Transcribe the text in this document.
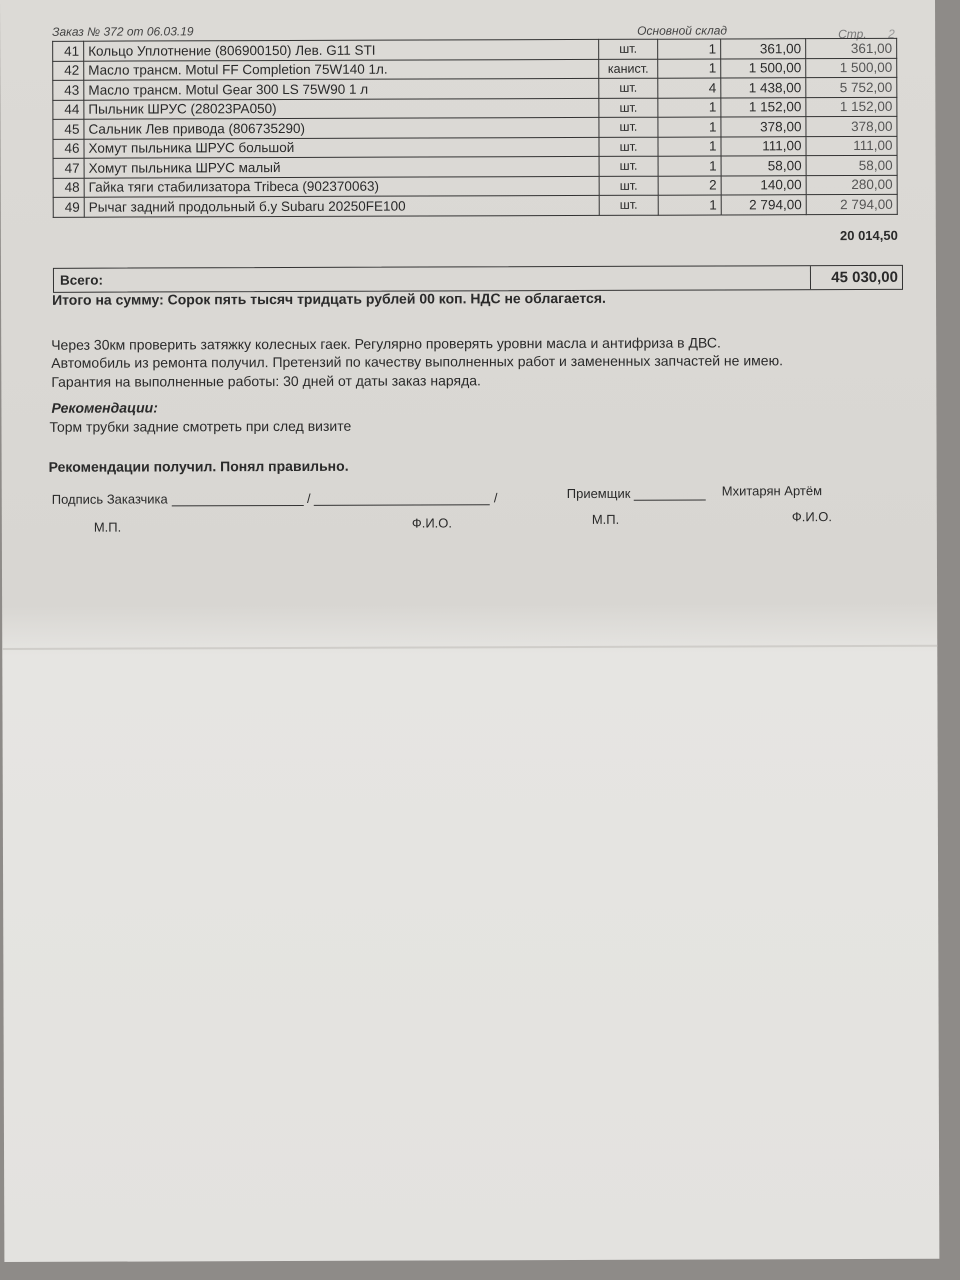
Заказ № 372 от 06.03.19	Основной склад	Стр. 2
41	Кольцо Уплотнение (806900150) Лев. G11 STI	шт.	1	361,00	361,00
42	Масло трансм. Motul FF Completion 75W140 1л.	канист.	1	1 500,00	1 500,00
43	Масло трансм. Motul Gear 300 LS 75W90 1 л	шт.	4	1 438,00	5 752,00
44	Пыльник ШРУС (28023PA050)	шт.	1	1 152,00	1 152,00
45	Сальник Лев привода (806735290)	шт.	1	378,00	378,00
46	Хомут пыльника ШРУС большой	шт.	1	111,00	111,00
47	Хомут пыльника ШРУС малый	шт.	1	58,00	58,00
48	Гайка тяги стабилизатора Tribeca (902370063)	шт.	2	140,00	280,00
49	Рычаг задний продольный б.у Subaru 20250FE100	шт.	1	2 794,00	2 794,00
20 014,50
Всего:	45 030,00
Итого на сумму: Сорок пять тысяч тридцать рублей 00 коп. НДС не облагается.
Через 30км проверить затяжку колесных гаек. Регулярно проверять уровни масла и антифриза в ДВС.
Автомобиль из ремонта получил. Претензий по качеству выполненных работ и замененных запчастей не имею.
Гарантия на выполненные работы: 30 дней от даты заказ наряда.
Рекомендации:
Торм трубки задние смотреть при след визите
Рекомендации получил. Понял правильно.
Подпись Заказчика	/	/	Приемщик	Мхитарян Артём
М.П.	Ф.И.О.	М.П.	Ф.И.О.
